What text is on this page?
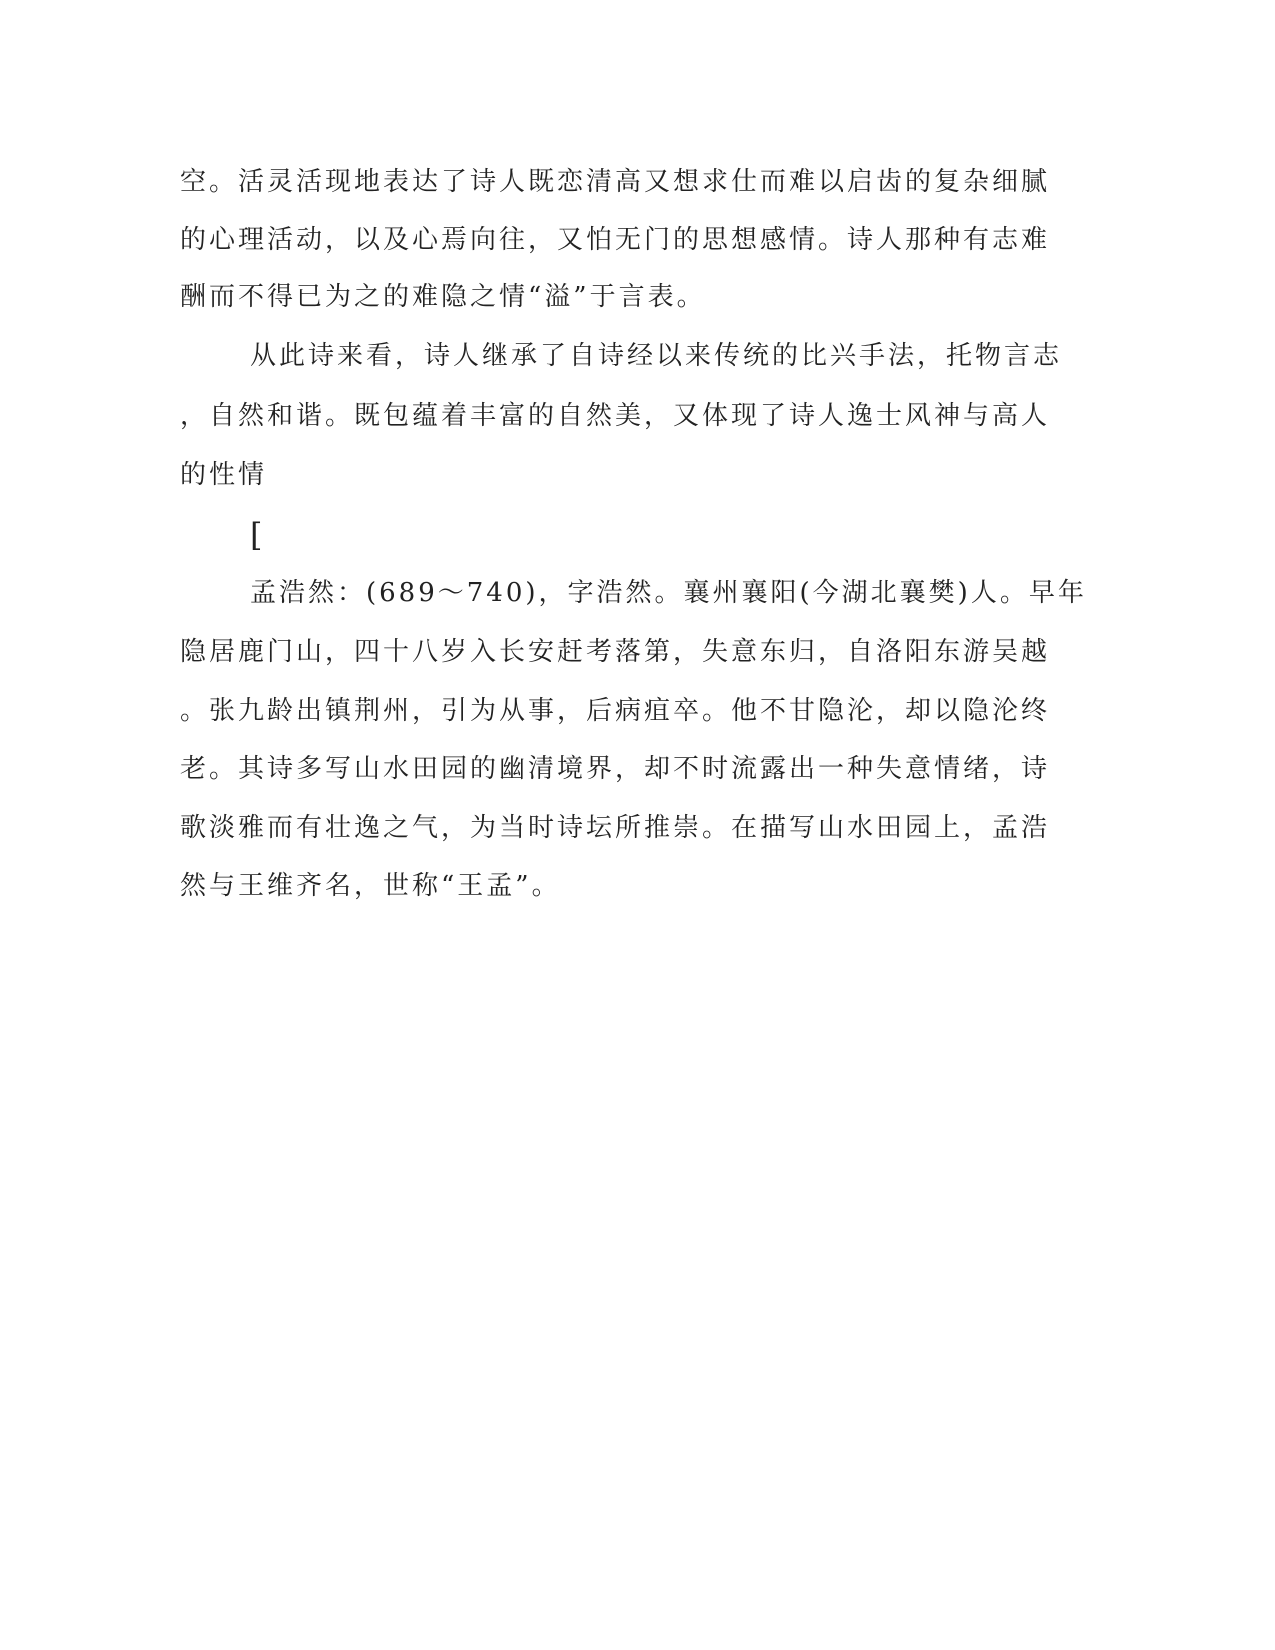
空。活灵活现地表达了诗人既恋清高又想求仕而难以启齿的复杂细腻
的心理活动，以及心焉向往，又怕无门的思想感情。诗人那种有志难
酬而不得已为之的难隐之情“溢”于言表。
从此诗来看，诗人继承了自诗经以来传统的比兴手法，托物言志
，自然和谐。既包蕴着丰富的自然美，又体现了诗人逸士风神与高人
的性情
[
孟浩然：(689～740)，字浩然。襄州襄阳(今湖北襄樊)人。早年
隐居鹿门山，四十八岁入长安赶考落第，失意东归，自洛阳东游吴越
。张九龄出镇荆州，引为从事，后病疽卒。他不甘隐沦，却以隐沦终
老。其诗多写山水田园的幽清境界，却不时流露出一种失意情绪，诗
歌淡雅而有壮逸之气，为当时诗坛所推崇。在描写山水田园上，孟浩
然与王维齐名，世称“王孟”。
